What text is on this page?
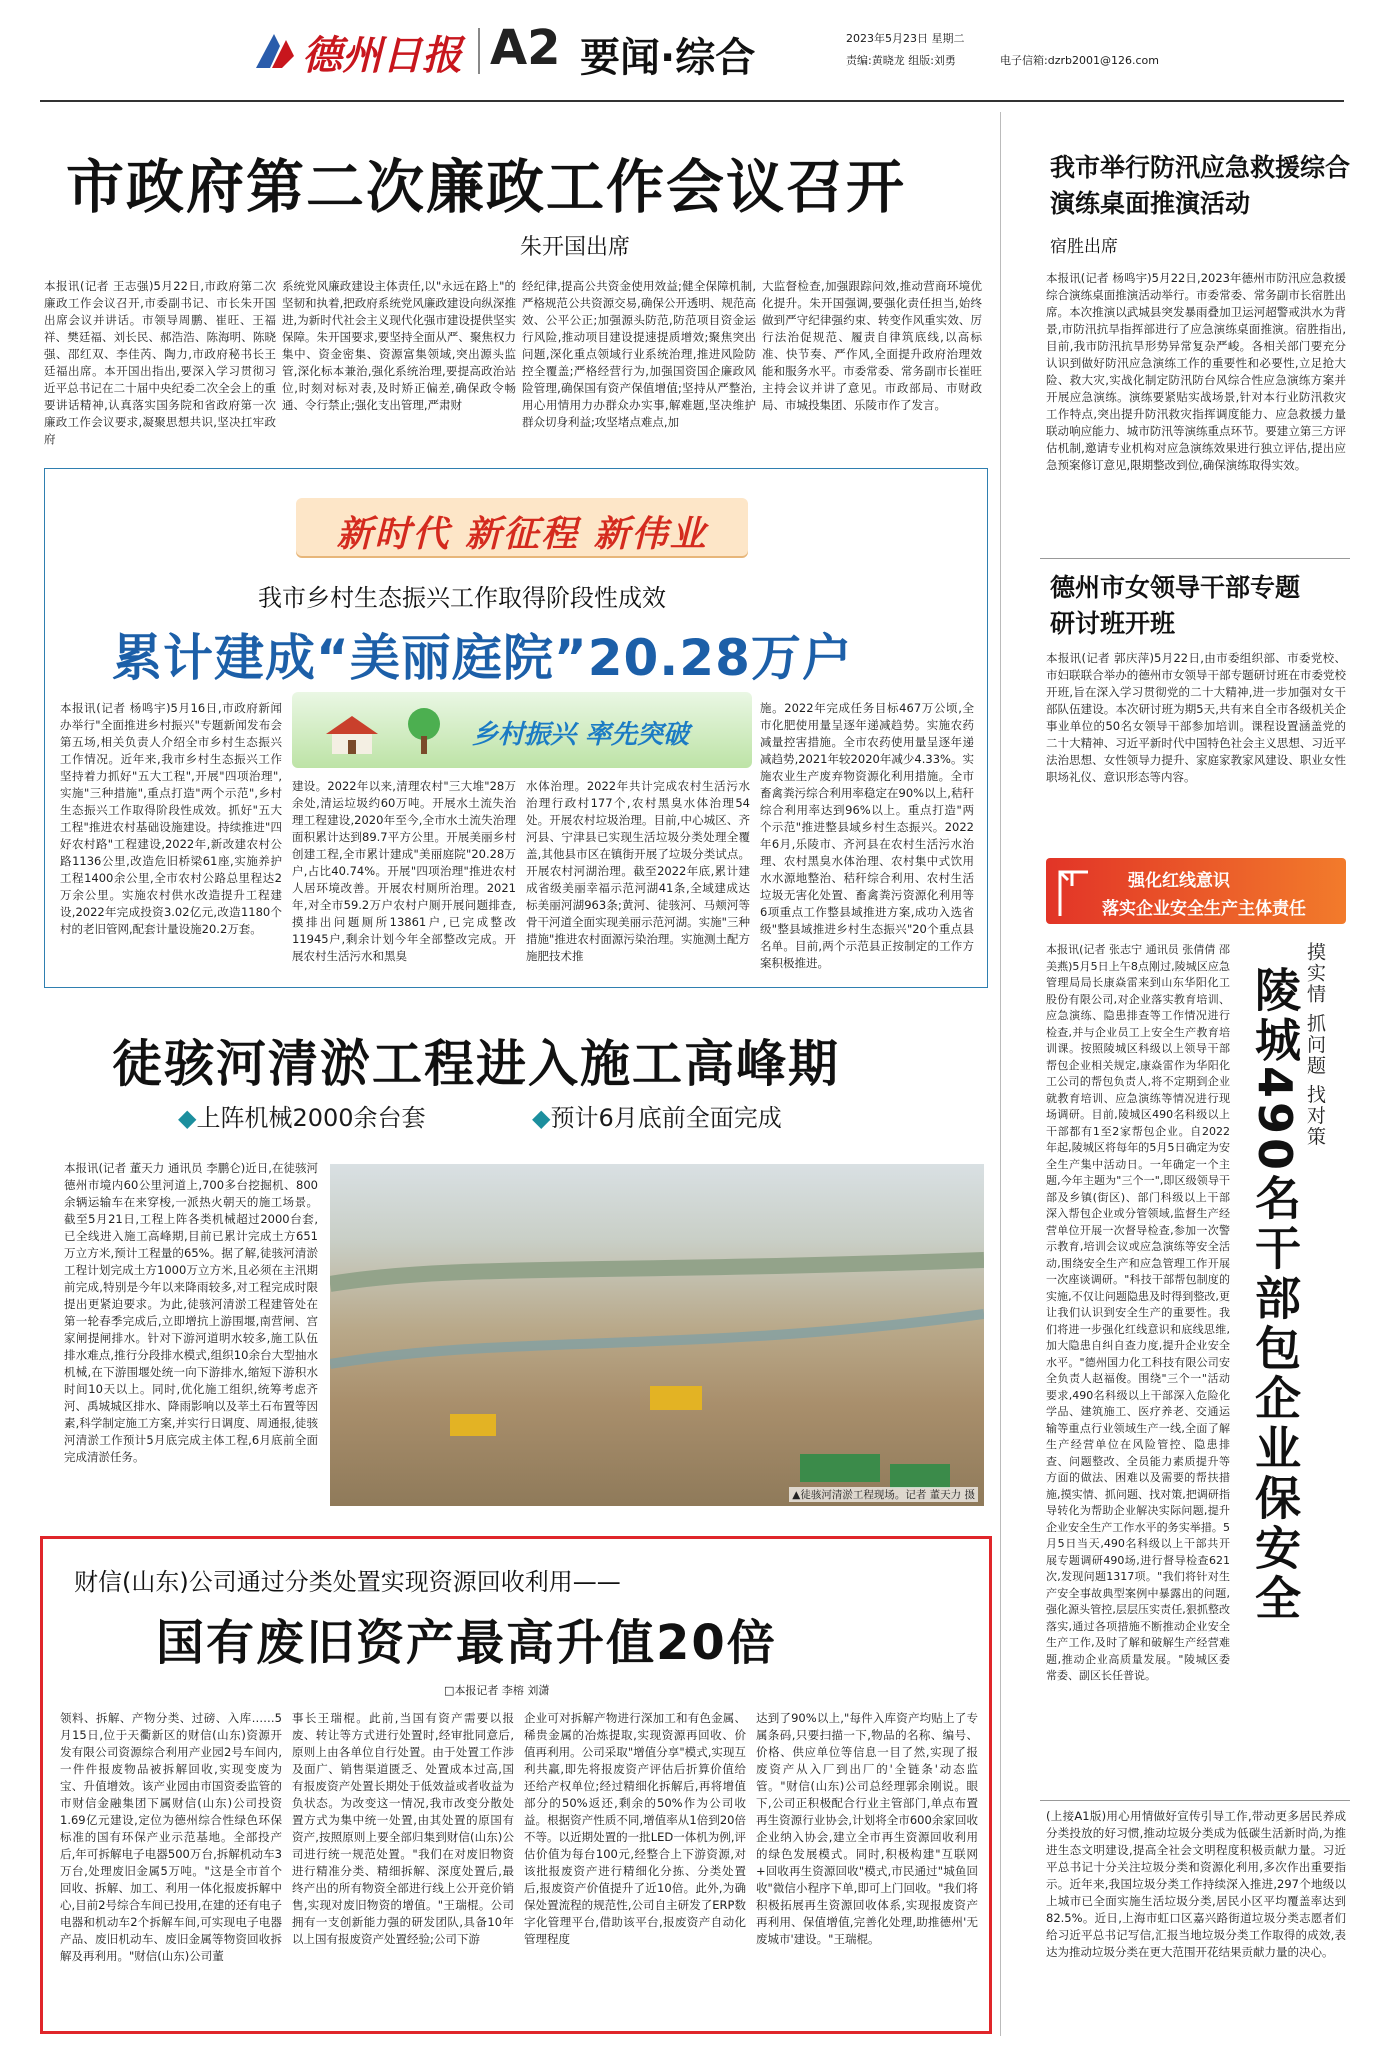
德州日报 A2 要闻·综合	2023年5月23日 星期二
责编:黄晓龙 组版:刘勇	电子信箱:dzrb2001@126.com
市政府第二次廉政工作会议召开
朱开国出席
本报讯(记者 王志强)5月22日,市政府第二次廉政工作会议召开,市委副书记、市长朱开国出席会议并讲话。市领导周鹏、崔旺、王福祥、樊廷福、刘长民、郝浩浩、陈海明、陈晓强、邵红双、李佳芮、陶力,市政府秘书长王廷福出席。本开国出指出,要深入学习贯彻习近平总书记在二十届中央纪委二次全会上的重要讲话精神,认真落实国务院和省政府第一次廉政工作会议要求,凝聚思想共识,坚决扛牢政府
系统党风廉政建设主体责任,以"永远在路上"的坚韧和执着,把政府系统党风廉政建设向纵深推进,为新时代社会主义现代化强市建设提供坚实保障。朱开国要求,要坚持全面从严、聚焦权力集中、资金密集、资源富集领域,突出源头监管,深化标本兼治,强化系统治理,要提高政治站位,时刻对标对表,及时矫正偏差,确保政令畅通、令行禁止;强化支出管理,严肃财
经纪律,提高公共资金使用效益;健全保障机制,严格规范公共资源交易,确保公开透明、规范高效、公平公正;加强源头防范,防范项目资金运行风险,推动项目建设提速提质增效;聚焦突出问题,深化重点领域行业系统治理,推进风险防控全覆盖;严格经营行为,加强国资国企廉政风险管理,确保国有资产保值增值;坚持从严整治,用心用情用力办群众办实事,解难题,坚决维护群众切身利益;攻坚堵点难点,加
大监督检查,加强跟踪问效,推动营商环境优化提升。朱开国强调,要强化责任担当,始终做到严守纪律强约束、转变作风重实效、厉行法治促规范、履责自律筑底线,以高标准、快节奏、严作风,全面提升政府治理效能和服务水平。市委常委、常务副市长崔旺主持会议并讲了意见。市政部局、市财政局、市城投集团、乐陵市作了发言。
我市举行防汛应急救援综合演练桌面推演活动
宿胜出席
本报讯(记者 杨鸣宇)5月22日,2023年德州市防汛应急救援综合演练桌面推演活动举行。市委常委、常务副市长宿胜出席。本次推演以武城县突发暴雨叠加卫运河超警戒洪水为背景,市防汛抗旱指挥部进行了应急演练桌面推演。宿胜指出,目前,我市防汛抗旱形势异常复杂严峻。各相关部门要充分认识到做好防汛应急演练工作的重要性和必要性,立足抢大险、救大灾,实战化制定防汛防台风综合性应急演练方案并开展应急演练。演练要紧贴实战场景,针对本行业防汛救灾工作特点,突出提升防汛救灾指挥调度能力、应急救援力量联动响应能力、城市防汛等演练重点环节。要建立第三方评估机制,邀请专业机构对应急演练效果进行独立评估,提出应急预案修订意见,限期整改到位,确保演练取得实效。
德州市女领导干部专题研讨班开班
本报讯(记者 郭庆萍)5月22日,由市委组织部、市委党校、市妇联联合举办的德州市女领导干部专题研讨班在市委党校开班,旨在深入学习贯彻党的二十大精神,进一步加强对女干部队伍建设。本次研讨班为期5天,共有来自全市各级机关企事业单位的50名女领导干部参加培训。课程设置涵盖党的二十大精神、习近平新时代中国特色社会主义思想、习近平法治思想、女性领导力提升、家庭家教家风建设、职业女性职场礼仪、意识形态等内容。
强化红线意识
落实企业安全生产主体责任
本报讯(记者 张志宁 通讯员 张倩倩 邵美燕)5月5日上午8点刚过,陵城区应急管理局局长康焱雷来到山东华阳化工股份有限公司,对企业落实教育培训、应急演练、隐患排查等工作情况进行检查,并与企业员工上安全生产教育培训课。按照陵城区科级以上领导干部帮包企业相关规定,康焱雷作为华阳化工公司的帮包负责人,将不定期到企业就教育培训、应急演练等情况进行现场调研。目前,陵城区490名科级以上干部都有1至2家帮包企业。自2022年起,陵城区将每年的5月5日确定为安全生产集中活动日。一年确定一个主题,今年主题为"三个一",即区级领导干部及乡镇(街区)、部门科级以上干部深入帮包企业或分管领域,监督生产经营单位开展一次督导检查,参加一次警示教育,培训会议或应急演练等安全活动,围绕安全生产和应急管理工作开展一次座谈调研。"科技干部帮包制度的实施,不仅让问题隐患及时得到整改,更让我们认识到安全生产的重要性。我们将进一步强化红线意识和底线思维,加大隐患自纠自查力度,提升企业安全水平。"德州国力化工科技有限公司安全负责人赵福俊。围绕"三个一"活动要求,490名科级以上干部深入危险化学品、建筑施工、医疗养老、交通运输等重点行业领域生产一线,全面了解生产经营单位在风险管控、隐患排查、问题整改、全员能力素质提升等方面的做法、困难以及需要的帮扶措施,摸实情、抓问题、找对策,把调研指导转化为帮助企业解决实际问题,提升企业安全生产工作水平的务实举措。5月5日当天,490名科级以上干部共开展专题调研490场,进行督导检查621次,发现问题1317项。"我们将针对生产安全事故典型案例中暴露出的问题,强化源头管控,层层压实责任,狠抓整改落实,通过各项措施不断推动企业安全生产工作,及时了解和破解生产经营难题,推动企业高质量发展。"陵城区委常委、副区长任普说。
摸实情 抓问题 找对策
陵城490名干部包企业保安全
(上接A1版)用心用情做好宣传引导工作,带动更多居民养成分类投放的好习惯,推动垃圾分类成为低碳生活新时尚,为推进生态文明建设,提高全社会文明程度积极贡献力量。习近平总书记十分关注垃圾分类和资源化利用,多次作出重要指示。近年来,我国垃圾分类工作持续深入推进,297个地级以上城市已全面实施生活垃圾分类,居民小区平均覆盖率达到82.5%。近日,上海市虹口区嘉兴路街道垃圾分类志愿者们给习近平总书记写信,汇报当地垃圾分类工作取得的成效,表达为推动垃圾分类在更大范围开花结果贡献力量的决心。
新时代 新征程 新伟业
我市乡村生态振兴工作取得阶段性成效
累计建成“美丽庭院”20.28万户
乡村振兴 率先突破
本报讯(记者 杨鸣宇)5月16日,市政府新闻办举行"全面推进乡村振兴"专题新闻发布会第五场,相关负责人介绍全市乡村生态振兴工作情况。近年来,我市乡村生态振兴工作坚持着力抓好"五大工程",开展"四项治理",实施"三种措施",重点打造"两个示范",乡村生态振兴工作取得阶段性成效。抓好"五大工程"推进农村基础设施建设。持续推进"四好农村路"工程建设,2022年,新改建农村公路1136公里,改造危旧桥梁61座,实施养护工程1400余公里,全市农村公路总里程达2万余公里。实施农村供水改造提升工程建设,2022年完成投资3.02亿元,改造1180个村的老旧管网,配套计量设施20.2万套。
建设。2022年以来,清理农村"三大堆"28万余处,清运垃圾约60万吨。开展水土流失治理工程建设,2020年至今,全市水土流失治理面积累计达到89.7平方公里。开展美丽乡村创建工程,全市累计建成"美丽庭院"20.28万户,占比40.74%。开展"四项治理"推进农村人居环境改善。开展农村厕所治理。2021年,对全市59.2万户农村户厕开展问题排查,摸排出问题厕所13861户,已完成整改11945户,剩余计划今年全部整改完成。开展农村生活污水和黑臭
水体治理。2022年共计完成农村生活污水治理行政村177个,农村黑臭水体治理54处。开展农村垃圾治理。目前,中心城区、齐河县、宁津县已实现生活垃圾分类处理全覆盖,其他县市区在镇街开展了垃圾分类试点。开展农村河湖治理。截至2022年底,累计建成省级美丽幸福示范河湖41条,全域建成达标美丽河湖963条;黄河、徒骇河、马颊河等骨干河道全面实现美丽示范河湖。实施"三种措施"推进农村面源污染治理。实施测土配方施肥技术推
施。2022年完成任务目标467万公顷,全市化肥使用量呈逐年递减趋势。实施农药减量控害措施。全市农药使用量呈逐年递减趋势,2021年较2020年减少4.33%。实施农业生产废弃物资源化利用措施。全市畜禽粪污综合利用率稳定在90%以上,秸秆综合利用率达到96%以上。重点打造"两个示范"推进整县域乡村生态振兴。2022年6月,乐陵市、齐河县在农村生活污水治理、农村黑臭水体治理、农村集中式饮用水水源地整治、秸秆综合利用、农村生活垃圾无害化处置、畜禽粪污资源化利用等6项重点工作整县域推进方案,成功入选省级"整县域推进乡村生态振兴"20个重点县名单。目前,两个示范县正按制定的工作方案积极推进。
徒骇河清淤工程进入施工高峰期
◆上阵机械2000余台套	◆预计6月底前全面完成
本报讯(记者 董天力 通讯员 李鹏仑)近日,在徒骇河德州市境内60公里河道上,700多台挖掘机、800余辆运输车在来穿梭,一派热火朝天的施工场景。截至5月21日,工程上阵各类机械超过2000台套,已全线进入施工高峰期,目前已累计完成土方651万立方米,预计工程量的65%。据了解,徒骇河清淤工程计划完成土方1000万立方米,且必须在主汛期前完成,特别是今年以来降雨较多,对工程完成时限提出更紧迫要求。为此,徒骇河清淤工程建管处在第一轮春季完成后,立即增抗上游围堰,南营闸、宫家闸提闸排水。针对下游河道明水较多,施工队伍排水难点,推行分段排水模式,组织10余台大型抽水机械,在下游围堰处统一向下游排水,缩短下游积水时间10天以上。同时,优化施工组织,统筹考虑齐河、禹城城区排水、降雨影响以及莘土石布置等因素,科学制定施工方案,并实行日调度、周通报,徒骇河清淤工作预计5月底完成主体工程,6月底前全面完成清淤任务。
▲徒骇河清淤工程现场。记者 董天力 摄
财信(山东)公司通过分类处置实现资源回收利用——
国有废旧资产最高升值20倍
□本报记者 李榕 刘潇
领料、拆解、产物分类、过磅、入库……5月15日,位于天衢新区的财信(山东)资源开发有限公司资源综合利用产业园2号车间内,一件件报废物品被拆解回收,实现变废为宝、升值增效。该产业园由市国资委监管的市财信金融集团下属财信(山东)公司投资1.69亿元建设,定位为德州综合性绿色环保标准的国有环保产业示范基地。全部投产后,年可拆解电子电器500万台,拆解机动车3万台,处理废旧金属5万吨。"这是全市首个回收、拆解、加工、利用一体化报废拆解中心,目前2号综合车间已投用,在建的还有电子电器和机动车2个拆解车间,可实现电子电器产品、废旧机动车、废旧金属等物资回收拆解及再利用。"财信(山东)公司董
事长王瑞棍。此前,当国有资产需要以报废、转让等方式进行处置时,经审批同意后,原则上由各单位自行处置。由于处置工作涉及面广、销售渠道匮乏、处置成本过高,国有报废资产处置长期处于低效益或者收益为负状态。为改变这一情况,我市改变分散处置方式为集中统一处置,由其处置的原国有资产,按照原则上要全部归集到财信(山东)公司进行统一规范处置。"我们在对废旧物资进行精准分类、精细拆解、深度处置后,最终产出的所有物资全部进行线上公开竞价销售,实现对废旧物资的增值。"王瑞棍。公司拥有一支创新能力强的研发团队,具备10年以上国有报废资产处置经验;公司下游
企业可对拆解产物进行深加工和有色金属、稀贵金属的冶炼提取,实现资源再回收、价值再利用。公司采取"增值分享"模式,实现互利共赢,即先将报废资产评估后折算价值给还给产权单位;经过精细化拆解后,再将增值部分的50%返还,剩余的50%作为公司收益。根据资产性质不同,增值率从1倍到20倍不等。以近期处置的一批LED一体机为例,评估价值为每台100元,经整合上下游资源,对该批报废资产进行精细化分拣、分类处置后,报废资产价值提升了近10倍。此外,为确保处置流程的规范性,公司自主研发了ERP数字化管理平台,借助该平台,报废资产自动化管理程度
达到了90%以上,"每件入库资产均贴上了专属条码,只要扫描一下,物品的名称、编号、价格、供应单位等信息一目了然,实现了报废资产从入厂到出厂的'全链条'动态监管。"财信(山东)公司总经理郭余刚说。眼下,公司正积极配合行业主管部门,单点布置再生资源行业协会,计划将全市600余家回收企业纳入协会,建立全市再生资源回收利用的绿色发展模式。同时,积极构建"互联网+回收再生资源回收"模式,市民通过"城鱼回收"微信小程序下单,即可上门回收。"我们将积极拓展再生资源回收体系,实现报废资产再利用、保值增值,完善化处理,助推德州'无废城市'建设。"王瑞棍。
